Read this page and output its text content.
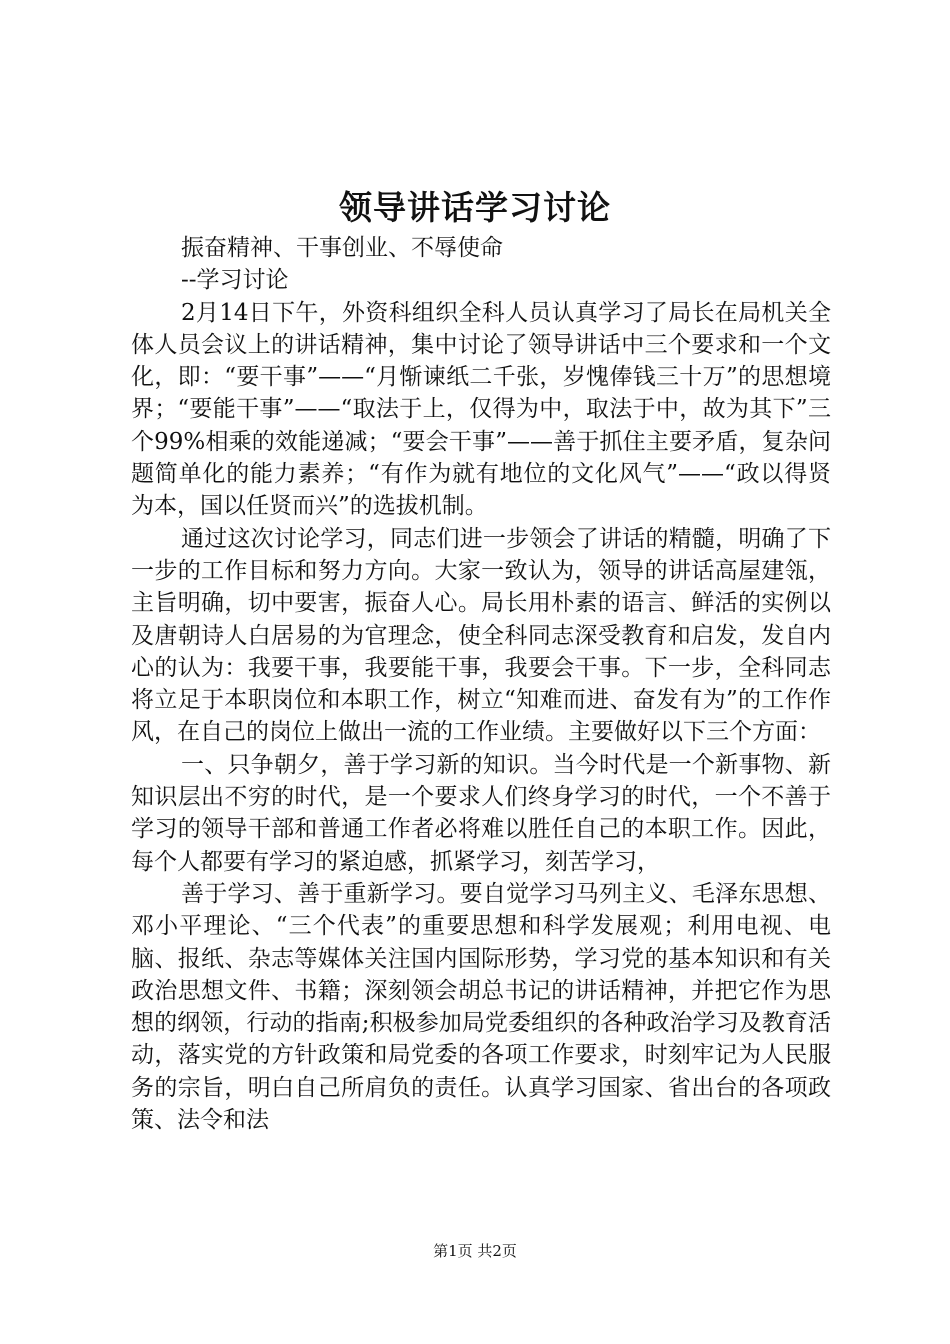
领导讲话学习讨论

振奋精神、干事创业、不辱使命

--学习讨论

2月14日下午，外资科组织全科人员认真学习了局长在局机关全体人员会议上的讲话精神，集中讨论了领导讲话中三个要求和一个文化，即：“要干事”——“月惭谏纸二千张，岁愧俸钱三十万”的思想境界；“要能干事”——“取法于上，仅得为中，取法于中，故为其下”三个99%相乘的效能递减；“要会干事”——善于抓住主要矛盾，复杂问题简单化的能力素养；“有作为就有地位的文化风气”——“政以得贤为本，国以任贤而兴”的选拔机制。

通过这次讨论学习，同志们进一步领会了讲话的精髓，明确了下一步的工作目标和努力方向。大家一致认为，领导的讲话高屋建瓴，主旨明确，切中要害，振奋人心。局长用朴素的语言、鲜活的实例以及唐朝诗人白居易的为官理念，使全科同志深受教育和启发，发自内心的认为：我要干事，我要能干事，我要会干事。下一步，全科同志将立足于本职岗位和本职工作，树立“知难而进、奋发有为”的工作作风，在自己的岗位上做出一流的工作业绩。主要做好以下三个方面：

一、只争朝夕，善于学习新的知识。当今时代是一个新事物、新知识层出不穷的时代，是一个要求人们终身学习的时代，一个不善于学习的领导干部和普通工作者必将难以胜任自己的本职工作。因此，每个人都要有学习的紧迫感，抓紧学习，刻苦学习，

善于学习、善于重新学习。要自觉学习马列主义、毛泽东思想、邓小平理论、“三个代表”的重要思想和科学发展观；利用电视、电脑、报纸、杂志等媒体关注国内国际形势，学习党的基本知识和有关政治思想文件、书籍；深刻领会胡总书记的讲话精神，并把它作为思想的纲领，行动的指南;积极参加局党委组织的各种政治学习及教育活动，落实党的方针政策和局党委的各项工作要求，时刻牢记为人民服务的宗旨，明白自己所肩负的责任。认真学习国家、省出台的各项政策、法令和法

第1页 共2页
